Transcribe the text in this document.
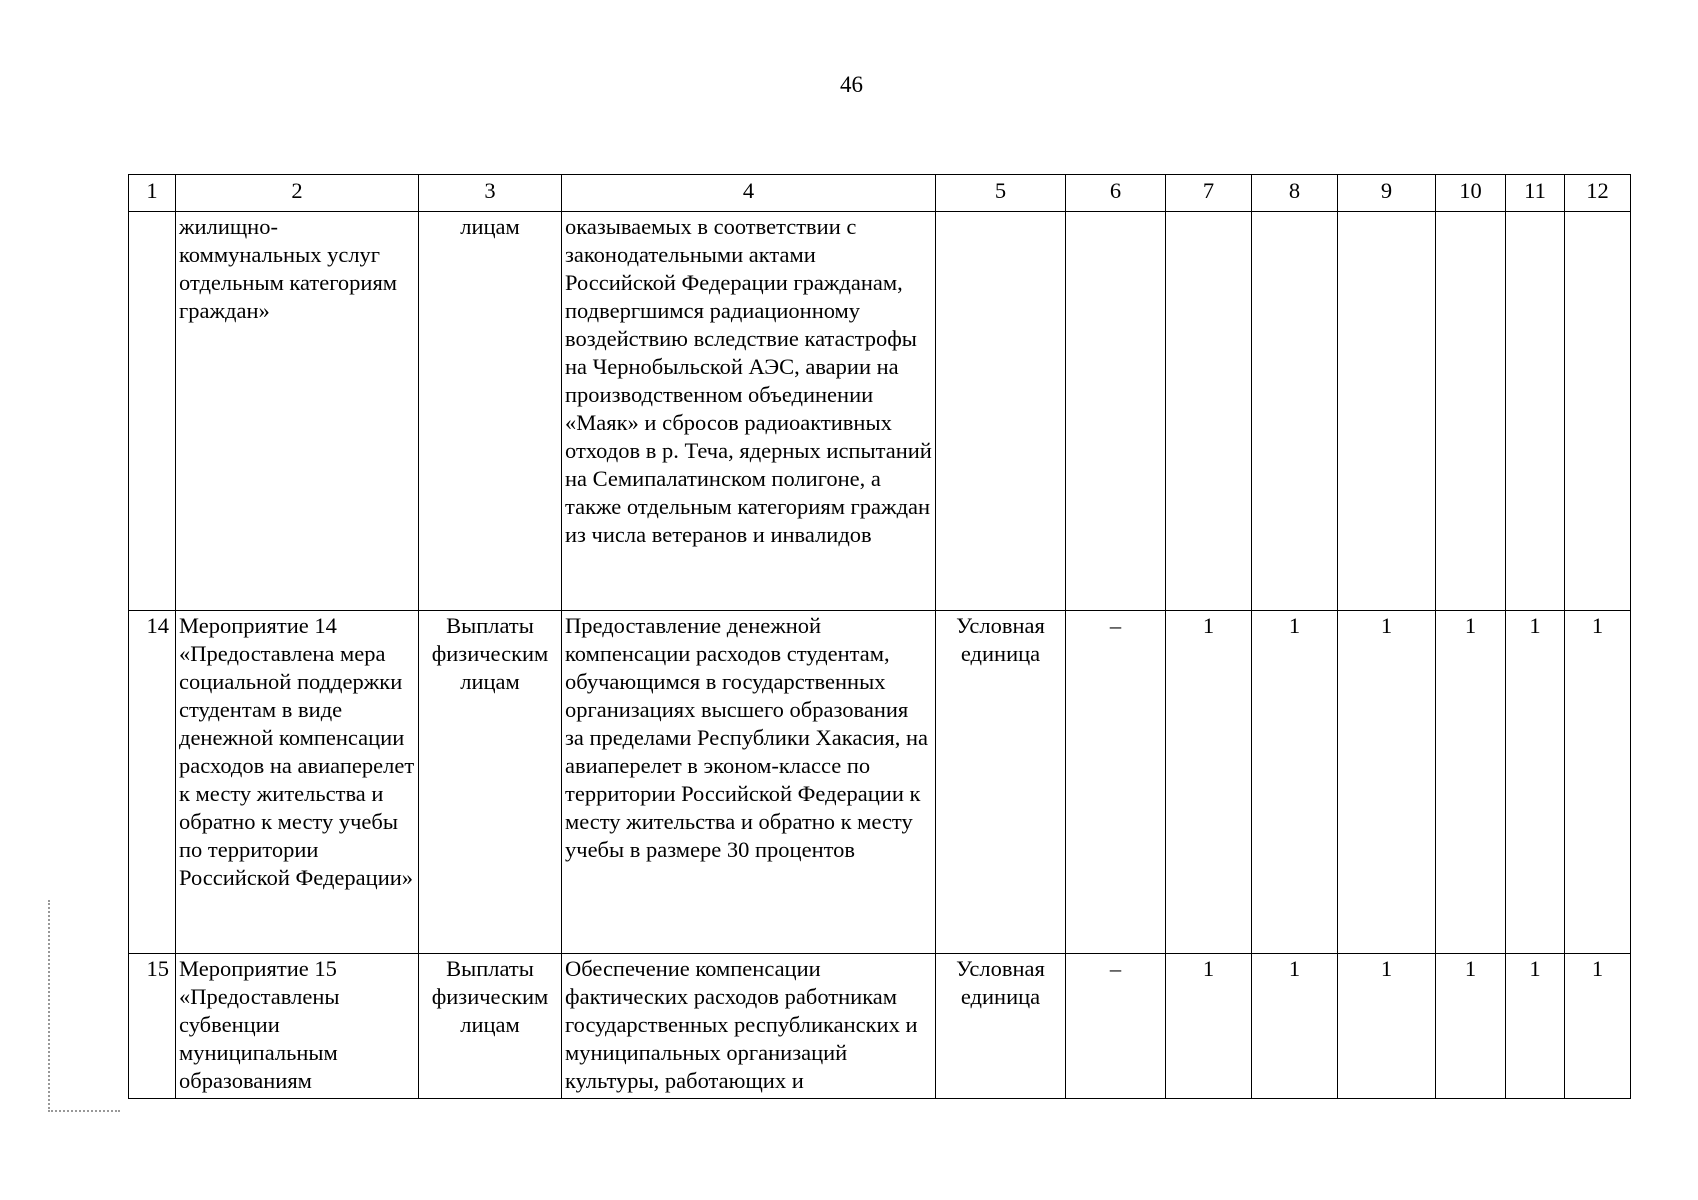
46

1	2	3	4	5	6	7	8	9	10	11	12
	жилищно-коммунальных услуг отдельным категориям граждан»	лицам	оказываемых в соответствии с законодательными актами Российской Федерации гражданам, подвергшимся радиационному воздействию вследствие катастрофы на Чернобыльской АЭС, аварии на производственном объединении «Маяк» и сбросов радиоактивных отходов в р. Теча, ядерных испытаний на Семипалатинском полигоне, а также отдельным категориям граждан из числа ветеранов и инвалидов								
14	Мероприятие 14 «Предоставлена мера социальной поддержки студентам в виде денежной компенсации расходов на авиаперелет к месту жительства и обратно к месту учебы по территории Российской Федерации»	Выплаты физическим лицам	Предоставление денежной компенсации расходов студентам, обучающимся в государственных организациях высшего образования за пределами Республики Хакасия, на авиаперелет в эконом-классе по территории Российской Федерации к месту жительства и обратно к месту учебы в размере 30 процентов	Условная единица	–	1	1	1	1	1	1
15	Мероприятие 15 «Предоставлены субвенции муниципальным образованиям	Выплаты физическим лицам	Обеспечение компенсации фактических расходов работникам государственных республиканских и муниципальных организаций культуры, работающих и	Условная единица	–	1	1	1	1	1	1
